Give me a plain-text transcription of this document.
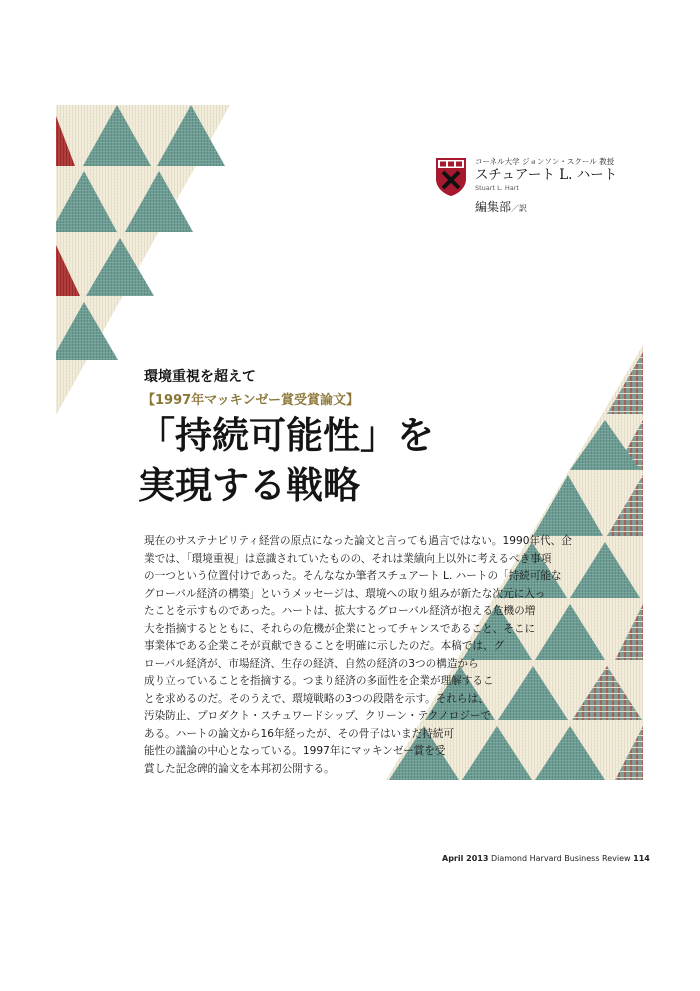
コーネル大学 ジョンソン・スクール 教授
スチュアート L. ハート
Stuart L. Hart
編集部／訳
環境重視を超えて
【1997年マッキンゼー賞受賞論文】
「持続可能性」を
実現する戦略
現在のサステナビリティ経営の原点になった論文と言っても過言ではない。1990年代、企
業では、「環境重視」は意識されていたものの、それは業績向上以外に考えるべき事項
の一つという位置付けであった。そんななか筆者スチュアート L. ハートの「持続可能な
グローバル経済の構築」というメッセージは、環境への取り組みが新たな次元に入っ
たことを示すものであった。ハートは、拡大するグローバル経済が抱える危機の増
大を指摘するとともに、それらの危機が企業にとってチャンスであること、そこに
事業体である企業こそが貢献できることを明確に示したのだ。本稿では、グ
ローバル経済が、市場経済、生存の経済、自然の経済の3つの構造から
成り立っていることを指摘する。つまり経済の多面性を企業が理解するこ
とを求めるのだ。そのうえで、環境戦略の3つの段階を示す。それらは、
汚染防止、プロダクト・スチュワードシップ、クリーン・テクノロジーで
ある。ハートの論文から16年経ったが、その骨子はいまだ持続可
能性の議論の中心となっている。1997年にマッキンゼー賞を受
賞した記念碑的論文を本邦初公開する。
April 2013 Diamond Harvard Business Review 114
